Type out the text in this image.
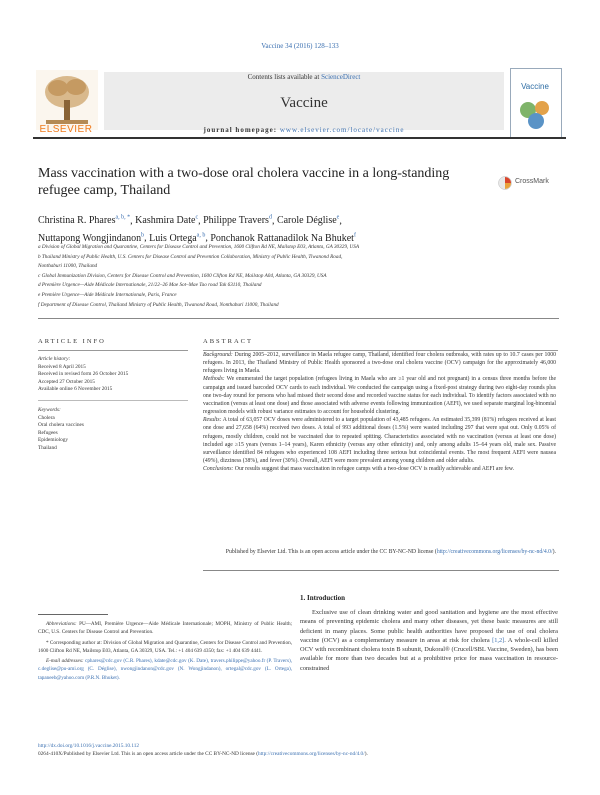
Vaccine 34 (2016) 128–133
Contents lists available at ScienceDirect
Vaccine
journal homepage: www.elsevier.com/locate/vaccine
ELSEVIER
Vaccine
Mass vaccination with a two-dose oral cholera vaccine in a long-standing refugee camp, Thailand
CrossMark
Christina R. Phares$^{a, b, *}$, Kashmira Date$^c$, Philippe Travers$^d$, Carole Déglise$^e$,
Nuttapong Wongjindanon$^b$, Luis Ortega$^{a, b}$, Ponchanok Rattanadilok Na Bhuket$^f$
a Division of Global Migration and Quarantine, Centers for Disease Control and Prevention, 1600 Clifton Rd NE, Mailstop E03, Atlanta, GA 30329, USA
b Thailand Ministry of Public Health, U.S. Centers for Disease Control and Prevention Collaboration, Ministry of Public Health, Tiwanond Road,
Nonthaburi 11000, Thailand
c Global Immunization Division, Centers for Disease Control and Prevention, 1600 Clifton Rd NE, Mailstop A04, Atlanta, GA 30329, USA
d Première Urgence—Aide Médicale Internationale, 21/22–26 Mae Sot–Mae Tao road Tak 63110, Thailand
e Première Urgence—Aide Médicale Internationale, Paris, France
f Department of Disease Control, Thailand Ministry of Public Health, Tiwanond Road, Nonthaburi 11000, Thailand
ARTICLE INFO
Article history:
Received 8 April 2015
Received in revised form 26 October 2015
Accepted 27 October 2015
Available online 6 November 2015
Keywords:
Cholera
Oral cholera vaccines
Refugees
Epidemiology
Thailand
ABSTRACT

Background: During 2005–2012, surveillance in Maela refugee camp, Thailand, identified four cholera outbreaks, with rates up to 10.7 cases per 1000 refugees. In 2013, the Thailand Ministry of Public Health sponsored a two-dose oral cholera vaccine (OCV) campaign for the approximately 46,000 refugees living in Maela.

Methods: We enumerated the target population (refugees living in Maela who are ≥1 year old and not pregnant) in a census three months before the campaign and issued barcoded OCV cards to each individual. We conducted the campaign using a fixed-post strategy during two eight-day rounds plus one two-day round for persons who had missed their second dose and recorded vaccine status for each individual. To identify factors associated with no vaccination (versus at least one dose) and those associated with adverse events following immunization (AEFI), we used separate marginal log-binomial regression models with robust variance estimates to account for household clustering.

Results: A total of 63,057 OCV doses were administered to a target population of 43,485 refugees. An estimated 35,399 (81%) refugees received at least one dose and 27,658 (64%) received two doses. A total of 993 additional doses (1.5%) were wasted including 297 that were spat out. Only 0.05% of refugees, mostly children, could not be vaccinated due to repeated spitting. Characteristics associated with no vaccination (versus at least one dose) included age ≥15 years (versus 1–14 years), Karen ethnicity (versus any other ethnicity) and, only among adults 15–64 years old, male sex. Passive surveillance identified 84 refugees who experienced 108 AEFI including three serious but coincidental events. The most frequent AEFI were nausea (49%), dizziness (38%), and fever (30%). Overall, AEFI were more prevalent among young children and older adults.

Conclusions: Our results suggest that mass vaccination in refugee camps with a two-dose OCV is readily achievable and AEFI are few.

Published by Elsevier Ltd. This is an open access article under the CC BY-NC-ND license (http://creativecommons.org/licenses/by-nc-nd/4.0/).

Abbreviations: PU—AMI, Première Urgence—Aide Médicale Internationale; MOPH, Ministry of Public Health; CDC, U.S. Centers for Disease Control and Prevention.

* Corresponding author at: Division of Global Migration and Quarantine, Centers for Disease Control and Prevention, 1600 Clifton Rd NE, Mailstop E03, Atlanta, GA 30329, USA. Tel.: +1 404 639 4350; fax: +1 404 639 4441.

E-mail addresses: cphares@cdc.gov (C.R. Phares), kdate@cdc.gov (K. Date), travers.philippe@yahoo.fr (P. Travers), c.deglise@pu-ami.org (C. Déglise), nwongjindanon@cdc.gov (N. Wongjindanon), ortegal@cdc.gov (L. Ortega), tapaneeb@yahoo.com (P.R.N. Bhuket).

1. Introduction

Exclusive use of clean drinking water and good sanitation and hygiene are the most effective means of preventing epidemic cholera and many other diseases, yet these basic measures are still deficient in many places. Some public health authorities have proposed the use of oral cholera vaccine (OCV) as a complementary measure in areas at risk for cholera [1,2]. A whole-cell killed OCV with recombinant cholera toxin B subunit, Dukoral® (Crucell/SBL Vaccine, Sweden), has been available for more than two decades but at a prohibitive price for mass vaccination in resource-constrained

http://dx.doi.org/10.1016/j.vaccine.2015.10.112
0264-410X/Published by Elsevier Ltd. This is an open access article under the CC BY-NC-ND license (http://creativecommons.org/licenses/by-nc-nd/4.0/).
